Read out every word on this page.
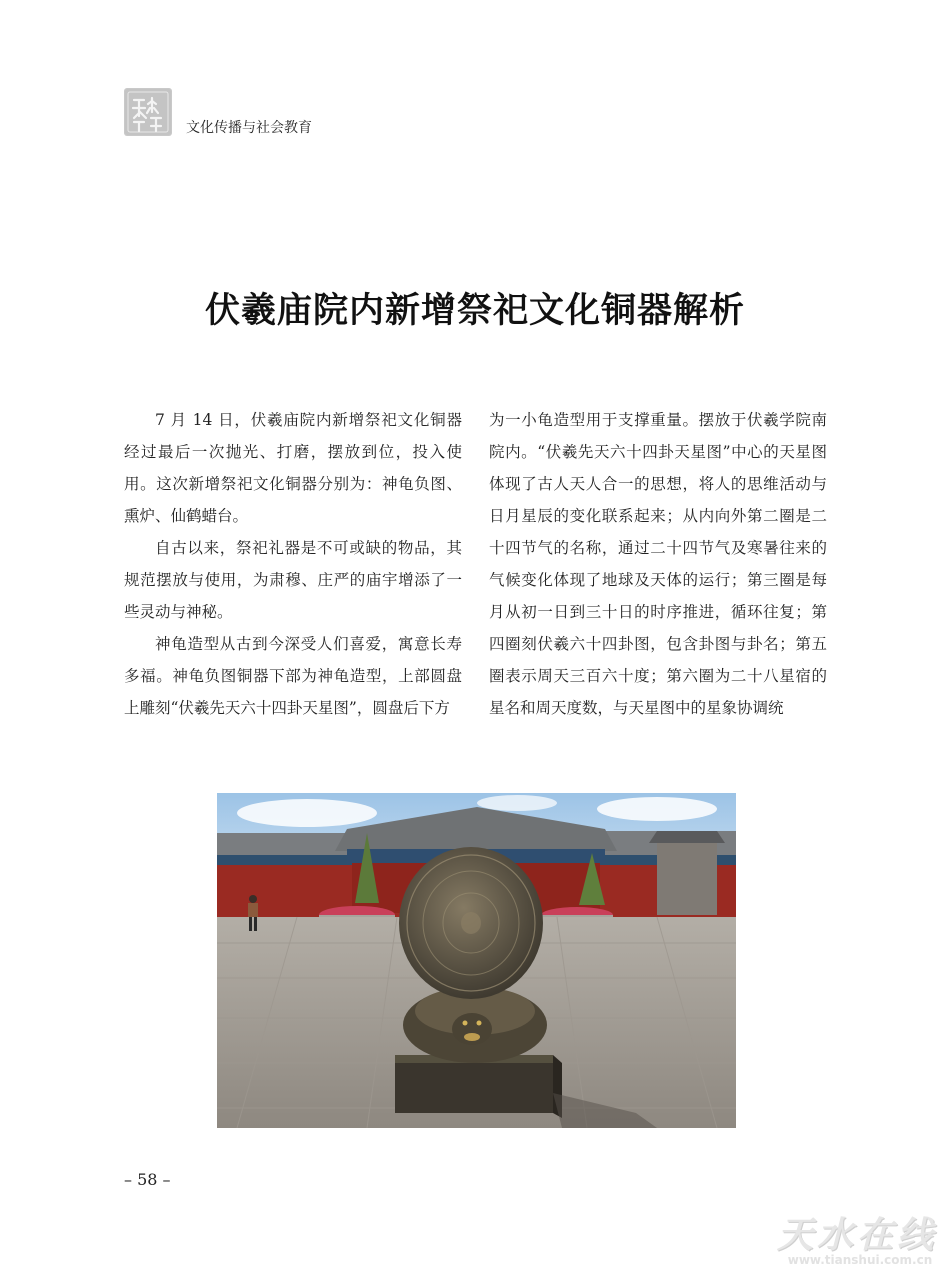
文化传播与社会教育
伏羲庙院内新增祭祀文化铜器解析

7 月 14 日，伏羲庙院内新增祭祀文化铜器经过最后一次抛光、打磨，摆放到位，投入使用。这次新增祭祀文化铜器分别为：神龟负图、熏炉、仙鹤蜡台。

自古以来，祭祀礼器是不可或缺的物品，其规范摆放与使用，为肃穆、庄严的庙宇增添了一些灵动与神秘。

神龟造型从古到今深受人们喜爱，寓意长寿多福。神龟负图铜器下部为神龟造型，上部圆盘上雕刻“伏羲先天六十四卦天星图”，圆盘后下方

为一小龟造型用于支撑重量。摆放于伏羲学院南院内。“伏羲先天六十四卦天星图”中心的天星图体现了古人天人合一的思想，将人的思维活动与日月星辰的变化联系起来；从内向外第二圈是二十四节气的名称，通过二十四节气及寒暑往来的气候变化体现了地球及天体的运行；第三圈是每月从初一日到三十日的时序推进，循环往复；第四圈刻伏羲六十四卦图，包含卦图与卦名；第五圈表示周天三百六十度；第六圈为二十八星宿的星名和周天度数，与天星图中的星象协调统

– 58 –
天水在线
www.tianshui.com.cn
